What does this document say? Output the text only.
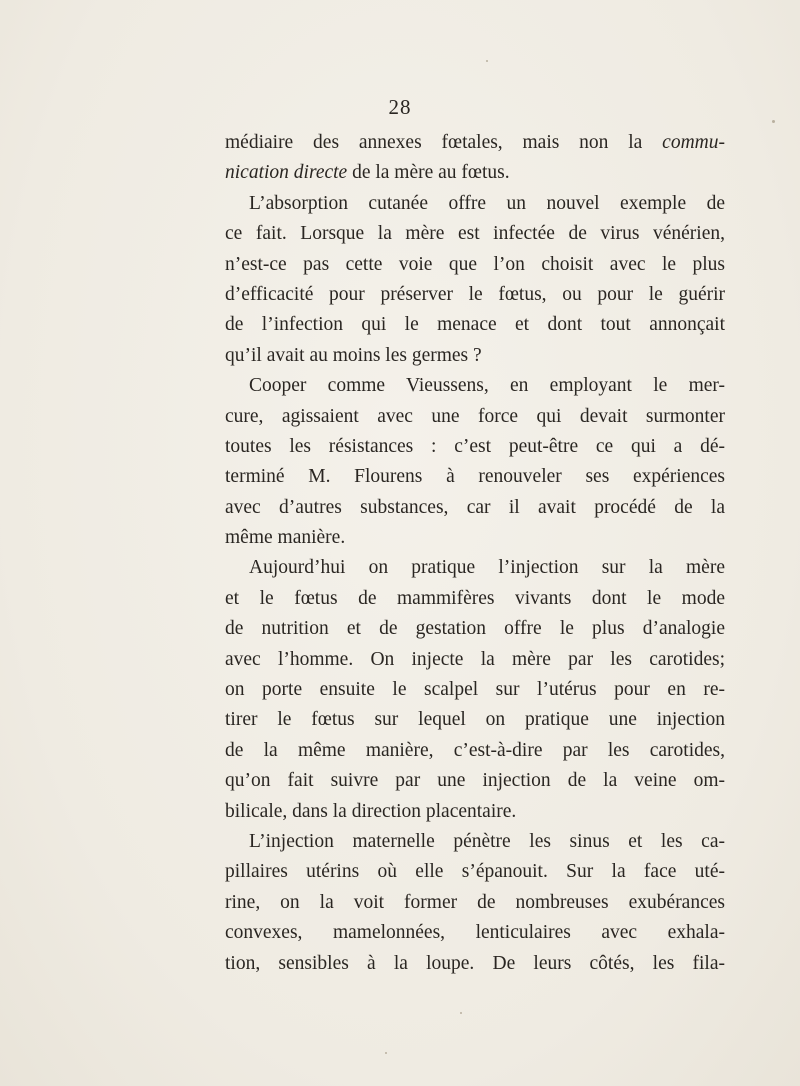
28
médiaire des annexes fœtales, mais non la commu-
nication directe de la mère au fœtus.
L’absorption cutanée offre un nouvel exemple de
ce fait. Lorsque la mère est infectée de virus vénérien,
n’est-ce pas cette voie que l’on choisit avec le plus
d’efficacité pour préserver le fœtus, ou pour le guérir
de l’infection qui le menace et dont tout annonçait
qu’il avait au moins les germes ?
Cooper comme Vieussens, en employant le mer-
cure, agissaient avec une force qui devait surmonter
toutes les résistances : c’est peut-être ce qui a dé-
terminé M. Flourens à renouveler ses expériences
avec d’autres substances, car il avait procédé de la
même manière.
Aujourd’hui on pratique l’injection sur la mère
et le fœtus de mammifères vivants dont le mode
de nutrition et de gestation offre le plus d’analogie
avec l’homme. On injecte la mère par les carotides;
on porte ensuite le scalpel sur l’utérus pour en re-
tirer le fœtus sur lequel on pratique une injection
de la même manière, c’est-à-dire par les carotides,
qu’on fait suivre par une injection de la veine om-
bilicale, dans la direction placentaire.
L’injection maternelle pénètre les sinus et les ca-
pillaires utérins où elle s’épanouit. Sur la face uté-
rine, on la voit former de nombreuses exubérances
convexes, mamelonnées, lenticulaires avec exhala-
tion, sensibles à la loupe. De leurs côtés, les fila-
